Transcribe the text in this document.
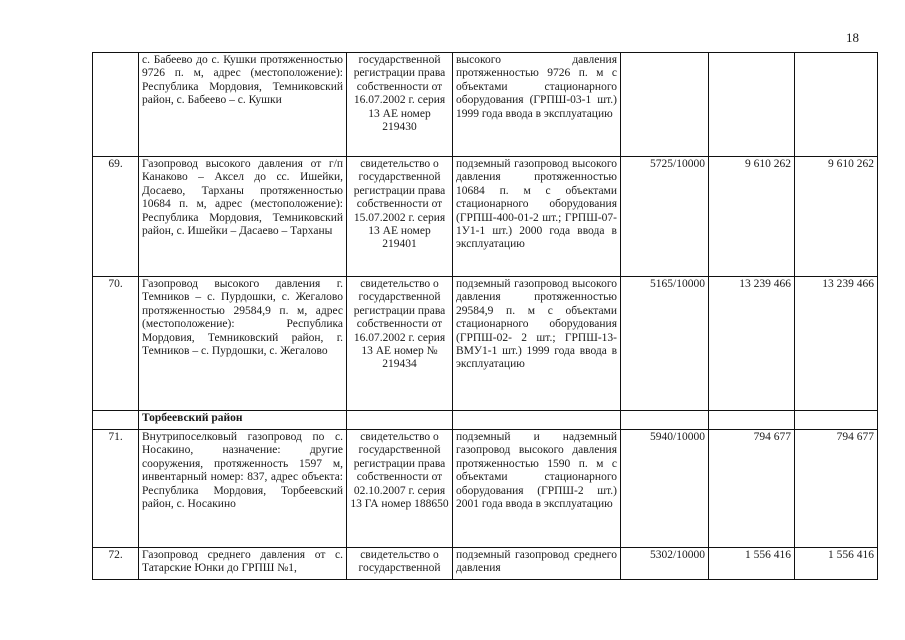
18
	с. Бабеево до с. Кушки протяженностью 9726 п. м, адрес (местоположение): Республика Мордовия, Темниковский район, с. Бабеево – с. Кушки	государственной регистрации права собственности от 16.07.2002 г. серия 13 АЕ номер 219430	высокого давления протяженностью 9726 п. м с объектами стационарного оборудования (ГРПШ-03-1 шт.) 1999 года ввода в эксплуатацию			
69.	Газопровод высокого давления от г/п Канаково – Аксел до сс. Ишейки, Досаево, Тарханы протяженностью 10684 п. м, адрес (местоположение): Республика Мордовия, Темниковский район, с. Ишейки – Дасаево – Тарханы	свидетельство о государственной регистрации права собственности от 15.07.2002 г. серия 13 АЕ номер 219401	подземный газопровод высокого давления протяженностью 10684 п. м с объектами стационарного оборудования (ГРПШ-400-01-2 шт.; ГРПШ-07-1У1-1 шт.) 2000 года ввода в эксплуатацию	5725/10000	9 610 262	9 610 262
70.	Газопровод высокого давления г. Темников – с. Пурдошки, с. Жегалово протяженностью 29584,9 п. м, адрес (местоположение): Республика Мордовия, Темниковский район, г. Темников – с. Пурдошки, с. Жегалово	свидетельство о государственной регистрации права собственности от 16.07.2002 г. серия 13 АЕ номер № 219434	подземный газопровод высокого давления протяженностью 29584,9 п. м с объектами стационарного оборудования (ГРПШ-02- 2 шт.; ГРПШ-13-ВМУ1-1 шт.) 1999 года ввода в эксплуатацию	5165/10000	13 239 466	13 239 466
	Торбеевский район					
71.	Внутрипоселковый газопровод по с. Носакино, назначение: другие сооружения, протяженность 1597 м, инвентарный номер: 837, адрес объекта: Республика Мордовия, Торбеевский район, с. Носакино	свидетельство о государственной регистрации права собственности от 02.10.2007 г. серия 13 ГА номер 188650	подземный и надземный газопровод высокого давления протяженностью 1590 п. м с объектами стационарного оборудования (ГРПШ-2 шт.) 2001 года ввода в эксплуатацию	5940/10000	794 677	794 677
72.	Газопровод среднего давления от с. Татарские Юнки до ГРПШ №1,	свидетельство о государственной	подземный газопровод среднего давления	5302/10000	1 556 416	1 556 416
